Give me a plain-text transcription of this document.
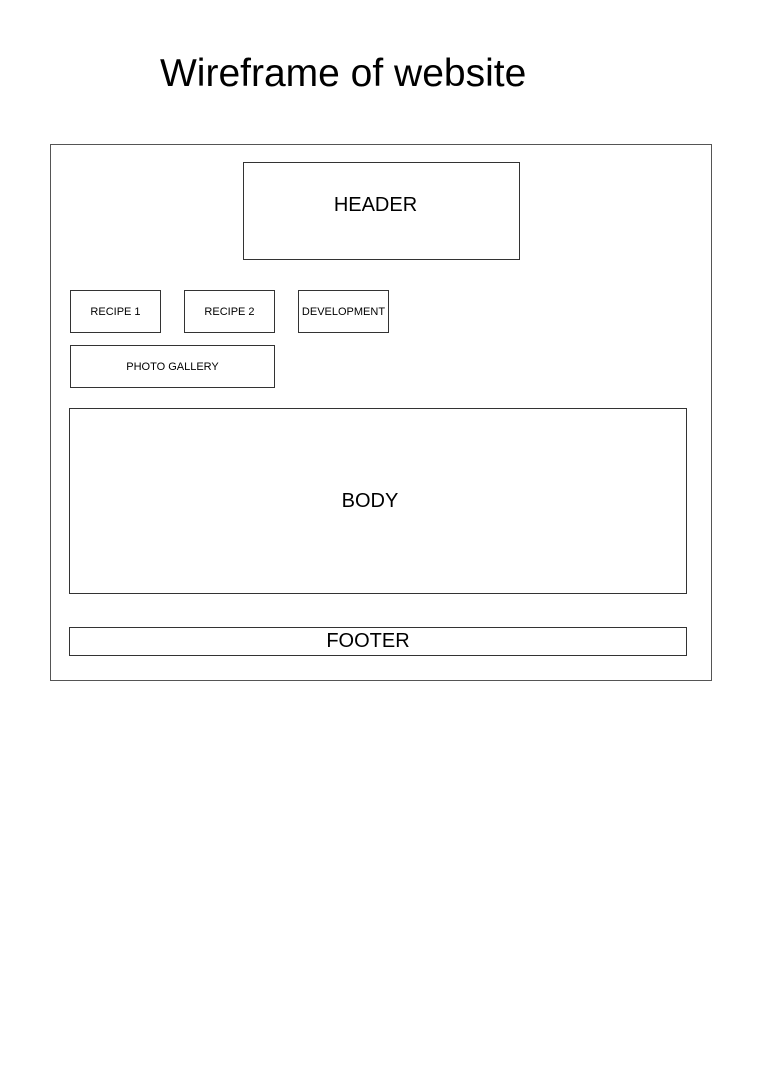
Wireframe of website
HEADER
RECIPE 1	RECIPE 2	DEVELOPMENT
PHOTO GALLERY
BODY
FOOTER
